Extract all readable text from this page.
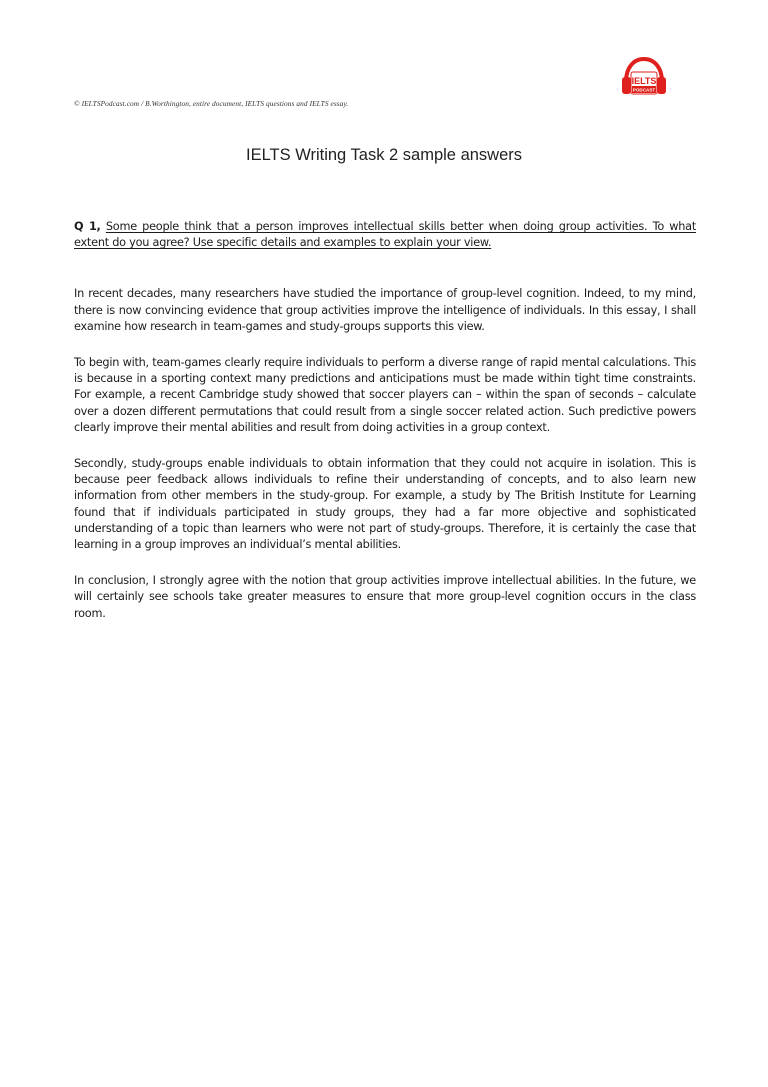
© IELTSPodcast.com / B.Worthington, entire document, IELTS questions and IELTS essay.
IELTS
PODCAST
IELTS Writing Task 2 sample answers

Q 1, Some people think that a person improves intellectual skills better when doing group activities. To what extent do you agree? Use specific details and examples to explain your view.

In recent decades, many researchers have studied the importance of group-level cognition. Indeed, to my mind, there is now convincing evidence that group activities improve the intelligence of individuals. In this essay, I shall examine how research in team-games and study-groups supports this view.

To begin with, team-games clearly require individuals to perform a diverse range of rapid mental calculations. This is because in a sporting context many predictions and anticipations must be made within tight time constraints. For example, a recent Cambridge study showed that soccer players can – within the span of seconds – calculate over a dozen different permutations that could result from a single soccer related action. Such predictive powers clearly improve their mental abilities and result from doing activities in a group context.

Secondly, study-groups enable individuals to obtain information that they could not acquire in isolation. This is because peer feedback allows individuals to refine their understanding of concepts, and to also learn new information from other members in the study-group. For example, a study by The British Institute for Learning found that if individuals participated in study groups, they had a far more objective and sophisticated understanding of a topic than learners who were not part of study-groups. Therefore, it is certainly the case that learning in a group improves an individual’s mental abilities.

In conclusion, I strongly agree with the notion that group activities improve intellectual abilities. In the future, we will certainly see schools take greater measures to ensure that more group-level cognition occurs in the class room.
